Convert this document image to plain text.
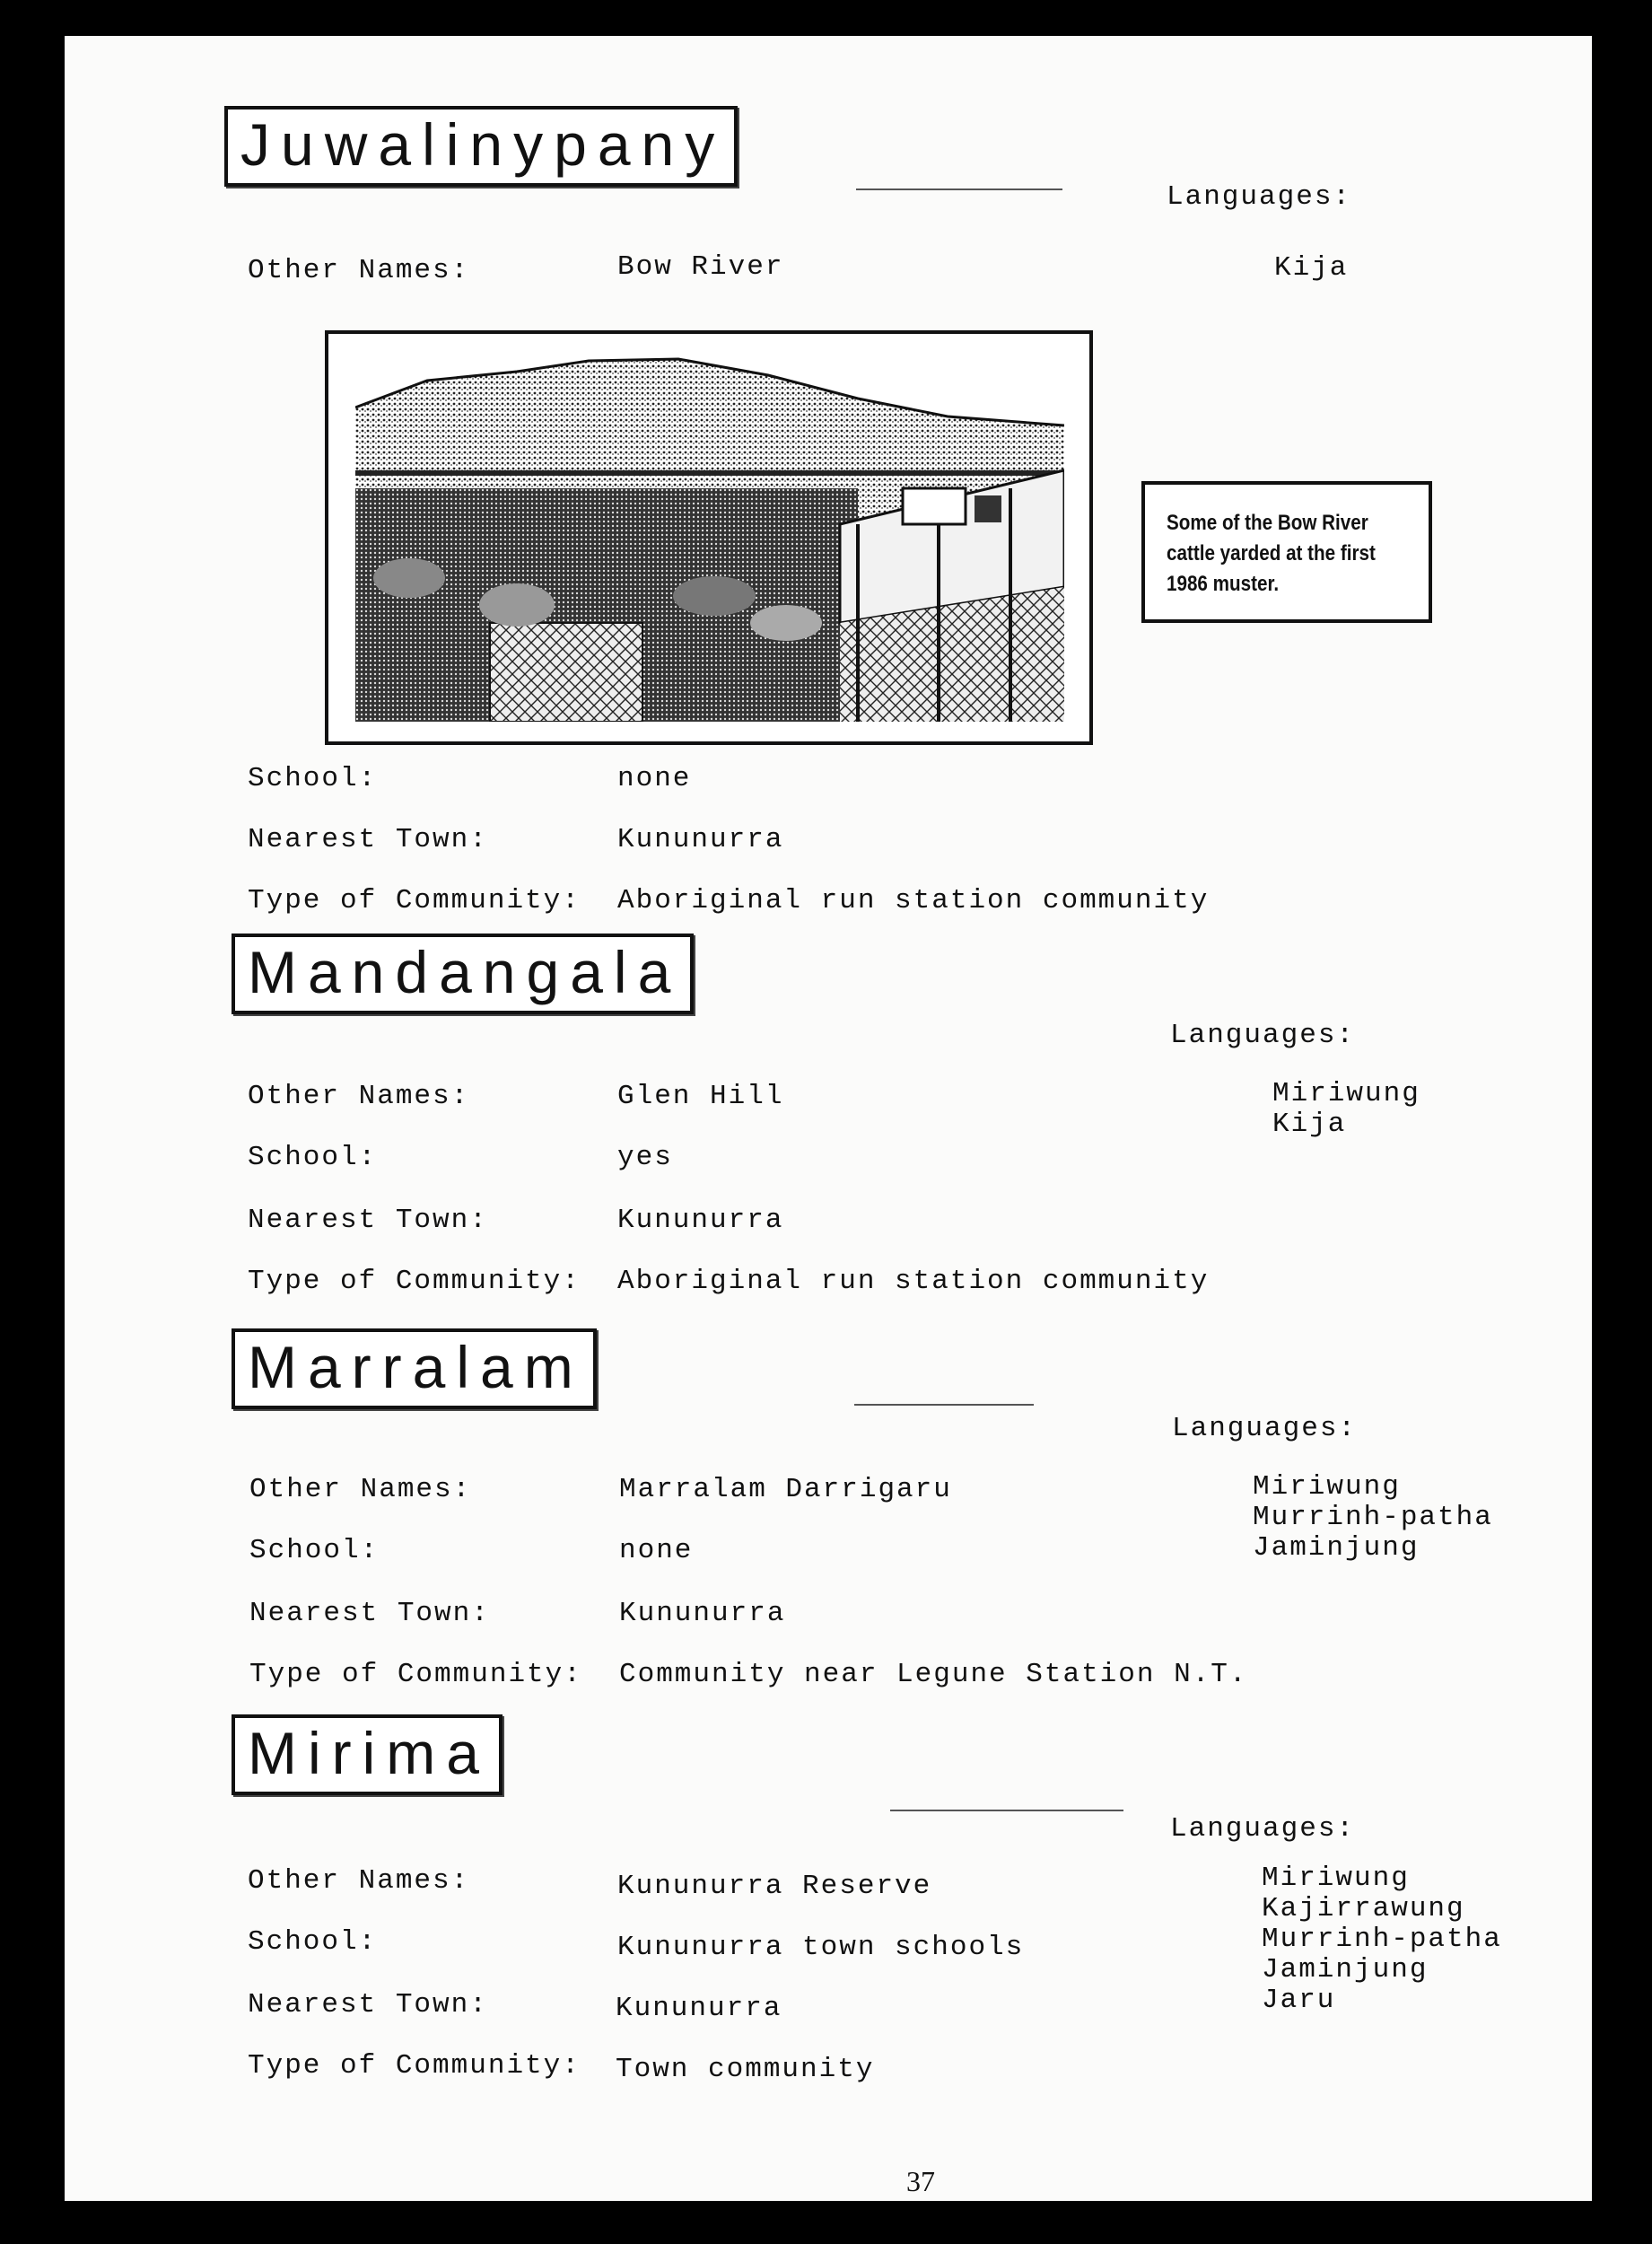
Juwalinypany
Languages:
Kija
Other Names:	Bow River
Some of the Bow River cattle yarded at the first 1986 muster.
School:	none
Nearest Town:	Kununurra
Type of Community: Aboriginal run station community
Mandangala
Languages:
Miriwung
Kija
Other Names:	Glen Hill
School:	yes
Nearest Town:	Kununurra
Type of Community: Aboriginal run station community
Marralam
Languages:
Miriwung
Murrinh-patha
Jaminjung
Other Names:	Marralam Darrigaru
School:	none
Nearest Town:	Kununurra
Type of Community: Community near Legune Station N.T.
Mirima
Languages:
Miriwung
Kajirrawung
Murrinh-patha
Jaminjung
Jaru
Other Names:	Kununurra Reserve
School:	Kununurra town schools
Nearest Town:	Kununurra
Type of Community: Town community
37
